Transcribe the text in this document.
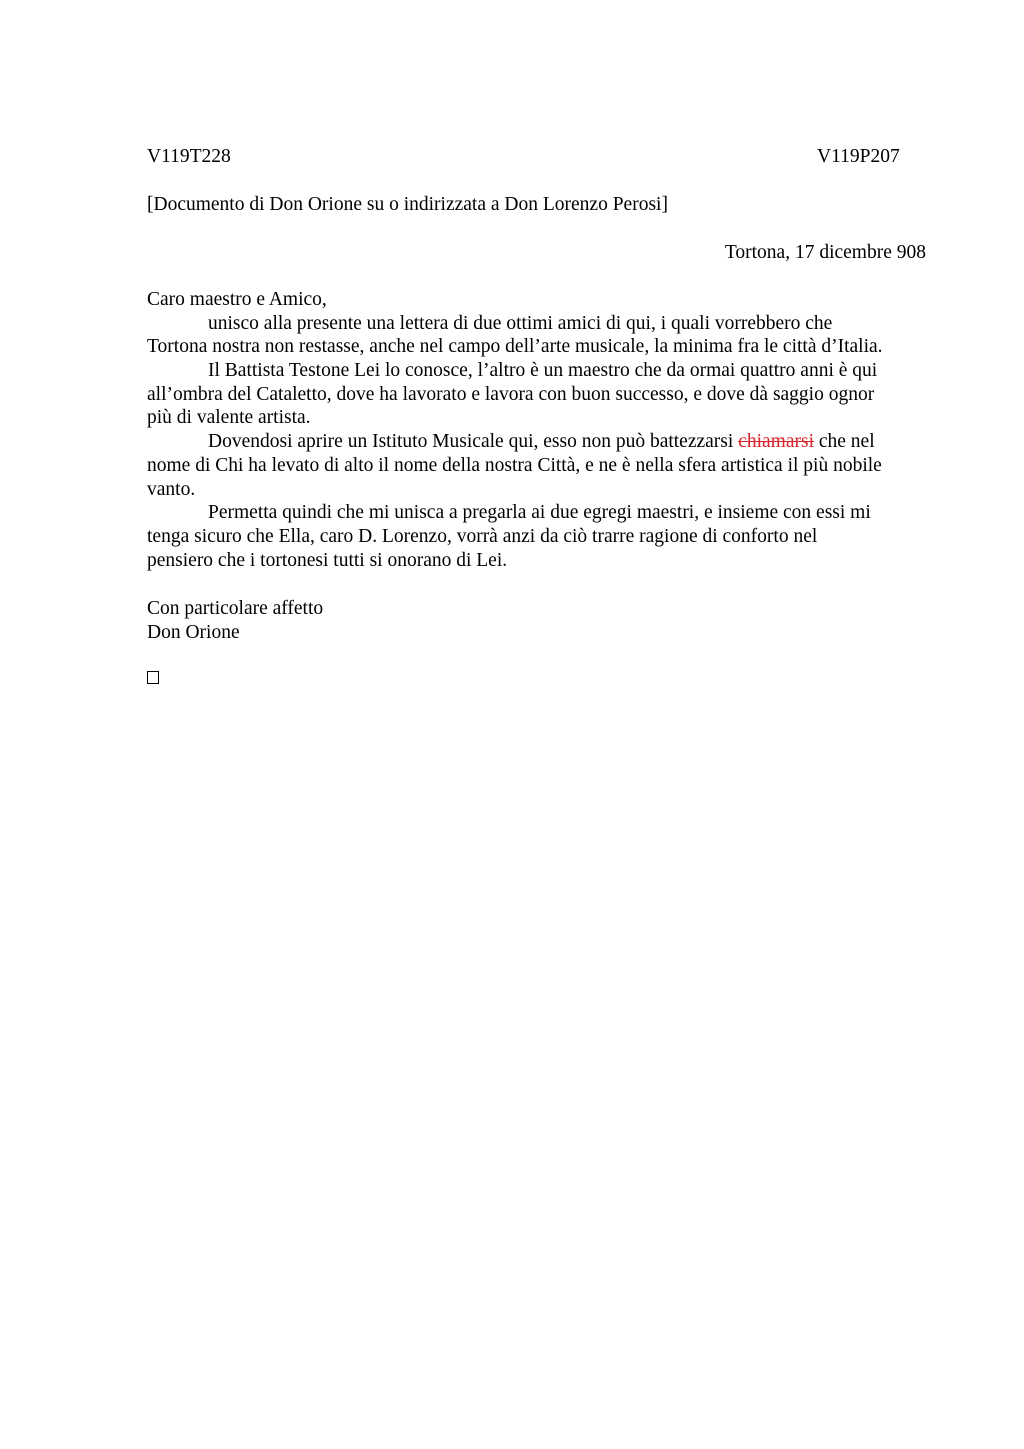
V119T228	V119P207
[Documento di Don Orione su o indirizzata a Don Lorenzo Perosi]
Tortona, 17 dicembre 908
Caro maestro e Amico,
unisco alla presente una lettera di due ottimi amici di qui, i quali vorrebbero che
Tortona nostra non restasse, anche nel campo dell’arte musicale, la minima fra le città d’Italia.
Il Battista Testone Lei lo conosce, l’altro è un maestro che da ormai quattro anni è qui
all’ombra del Cataletto, dove ha lavorato e lavora con buon successo, e dove dà saggio ognor
più di valente artista.
Dovendosi aprire un Istituto Musicale qui, esso non può battezzarsi chiamarsi che nel
nome di Chi ha levato di alto il nome della nostra Città, e ne è nella sfera artistica il più nobile
vanto.
Permetta quindi che mi unisca a pregarla ai due egregi maestri, e insieme con essi mi
tenga sicuro che Ella, caro D. Lorenzo, vorrà anzi da ciò trarre ragione di conforto nel
pensiero che i tortonesi tutti si onorano di Lei.
Con particolare affetto
Don Orione
